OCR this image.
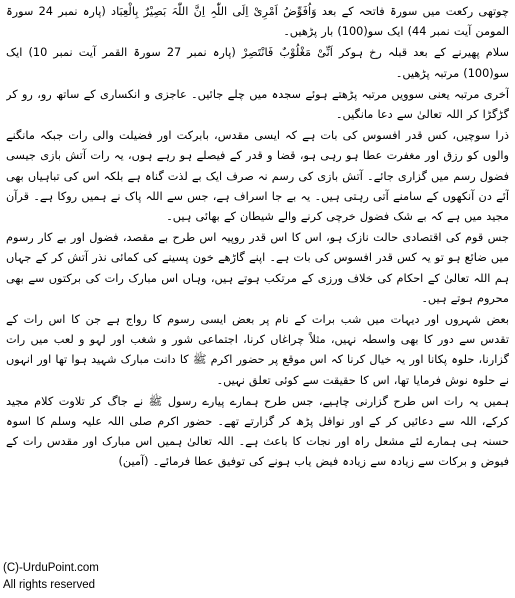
چوتھی رکعت میں سورۃ فاتحہ کے بعد وَاُفَوِّضُ اَمْرِیْ اِلَی اللّٰہِ اِنَّ اللّٰہَ بَصِیْرٌ بِالْعِبَاد (پارہ نمبر 24 سورۃ المومن آیت نمبر 44) ایک سو(100) بار پڑھیں۔

سلام پھیرنے کے بعد قبلہ رخ ہوکر اَنِّیْ مَغْلُوْبٌ فَانْتَصِرْ (پارہ نمبر 27 سورۃ القمر آیت نمبر 10) ایک سو(100) مرتبہ پڑھیں۔

آخری مرتبہ یعنی سوویں مرتبہ پڑھتے ہوئے سجدہ میں چلے جائیں۔ عاجزی و انکساری کے ساتھ رو، رو کر گڑگڑا کر اللہ تعالیٰ سے دعا مانگیں۔

ذرا سوچیں، کس قدر افسوس کی بات ہے کہ ایسی مقدس، بابرکت اور فضیلت والی رات جبکہ مانگنے والوں کو رزق اور مغفرت عطا ہو رہی ہو، قضا و قدر کے فیصلے ہو رہے ہوں، یہ رات آتش بازی جیسی فضول رسم میں گزاری جائے۔ آتش بازی کی رسم نہ صرف ایک بے لذت گناہ ہے بلکہ اس کی تباہیاں بھی آئے دن آنکھوں کے سامنے آتی رہتی ہیں۔ یہ بے جا اسراف ہے، جس سے اللہ پاک نے ہمیں روکا ہے۔ قرآن مجید میں ہے کہ بے شک فضول خرچی کرنے والے شیطان کے بھائی ہیں۔

جس قوم کی اقتصادی حالت نازک ہو، اس کا اس قدر روپیہ اس طرح بے مقصد، فضول اور بے کار رسوم میں ضائع ہو تو یہ کس قدر افسوس کی بات ہے۔ اپنے گاڑھے خون پسینے کی کمائی نذر آتش کر کے جہاں ہم اللہ تعالیٰ کے احکام کی خلاف ورزی کے مرتکب ہوتے ہیں، وہاں اس مبارک رات کی برکتوں سے بھی محروم ہوتے ہیں۔

بعض شہروں اور دیہات میں شب برات کے نام پر بعض ایسی رسوم کا رواج ہے جن کا اس رات کے تقدس سے دور کا بھی واسطہ نہیں، مثلاً چراغاں کرنا، اجتماعی شور و شغب اور لہو و لعب میں رات گزارنا، حلوہ پکانا اور یہ خیال کرنا کہ اس موقع پر حضور اکرم ﷺ کا دانت مبارک شہید ہوا تھا اور انہوں نے حلوہ نوش فرمایا تھا، اس کا حقیقت سے کوئی تعلق نہیں۔

ہمیں یہ رات اس طرح گزارنی چاہیے، جس طرح ہمارے پیارے رسول ﷺ نے جاگ کر تلاوت کلام مجید کرکے، اللہ سے دعائیں کر کے اور نوافل پڑھ کر گزارتے تھے۔ حضور اکرم صلی اللہ علیہ وسلم کا اسوہ حسنہ ہی ہمارے لئے مشعل راہ اور نجات کا باعث ہے۔ اللہ تعالیٰ ہمیں اس مبارک اور مقدس رات کے فیوض و برکات سے زیادہ سے زیادہ فیض یاب ہونے کی توفیق عطا فرمائے۔ (آمین)

(C)-UrduPoint.com
All rights reserved
